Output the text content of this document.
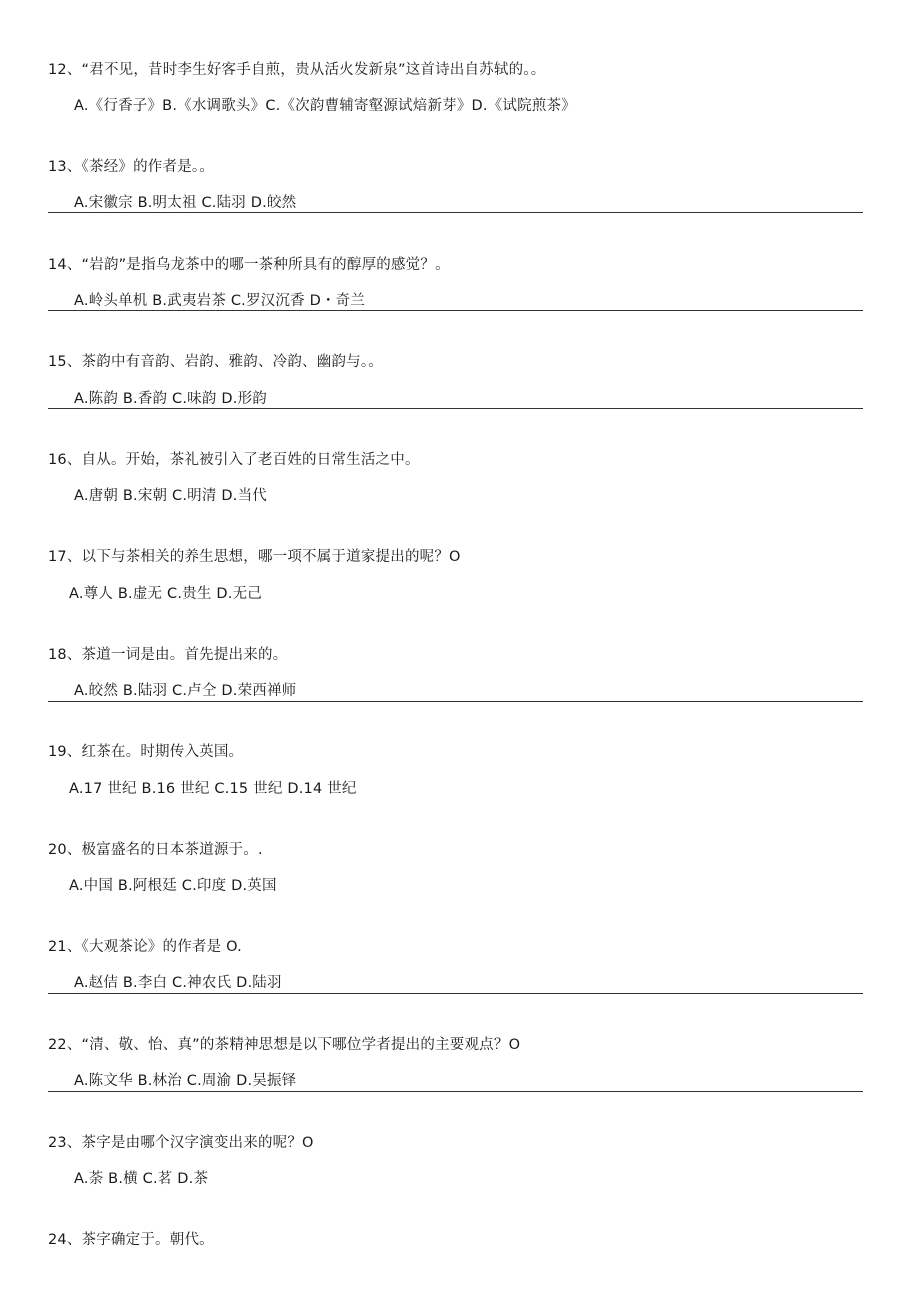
12、“君不见，昔时李生好客手自煎，贵从活火发新泉”这首诗出自苏轼的。。
A.《行香子》B.《水调歌头》C.《次韵曹辅寄壑源试焙新芽》D.《试院煎茶》
13、《茶经》的作者是。。
A.宋徽宗 B.明太祖 C.陆羽 D.皎然
14、“岩韵”是指乌龙茶中的哪一茶种所具有的醇厚的感觉？。
A.岭头单机 B.武夷岩茶 C.罗汉沉香 D・奇兰
15、茶韵中有音韵、岩韵、雅韵、冷韵、幽韵与。。
A.陈韵 B.香韵 C.味韵 D.形韵
16、自从。开始，茶礼被引入了老百姓的日常生活之中。
A.唐朝 B.宋朝 C.明清 D.当代
17、以下与茶相关的养生思想，哪一项不属于道家提出的呢？O
A.尊人 B.虚无 C.贵生 D.无己
18、茶道一词是由。首先提出来的。
A.皎然 B.陆羽 C.卢仝 D.荣西禅师
19、红茶在。时期传入英国。
A.17 世纪 B.16 世纪 C.15 世纪 D.14 世纪
20、极富盛名的日本茶道源于。.
A.中国 B.阿根廷 C.印度 D.英国
21、《大观茶论》的作者是 O.
A.赵佶 B.李白 C.神农氏 D.陆羽
22、“清、敬、怡、真”的茶精神思想是以下哪位学者提出的主要观点？O
A.陈文华 B.林治 C.周渝 D.吴振铎
23、茶字是由哪个汉字演变出来的呢？O
A.荼 B.横 C.茗 D.茶
24、茶字确定于。朝代。
